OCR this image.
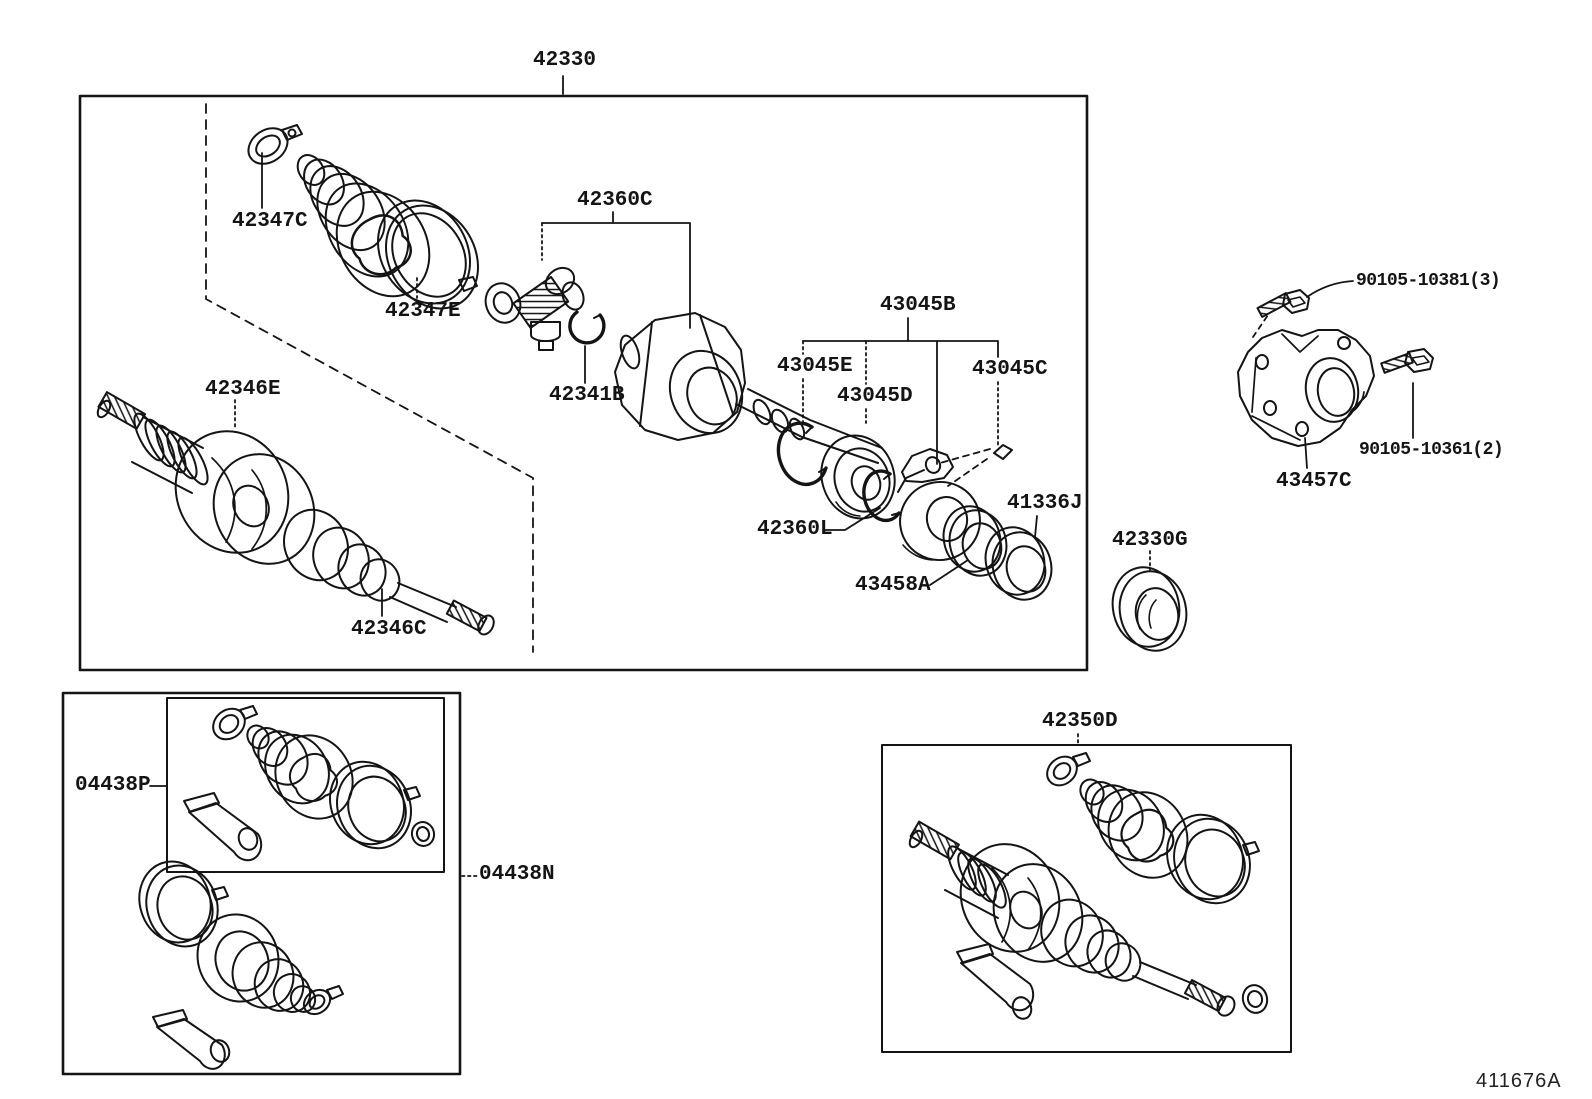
42330
42347C
42347E
42346E
42346C
42360C
42341B
43045B
43045E
43045D
43045C
42360L
43458A
41336J
90105-10381(3)
90105-10361(2)
43457C
42330G
42350D
04438P
04438N
411676A
